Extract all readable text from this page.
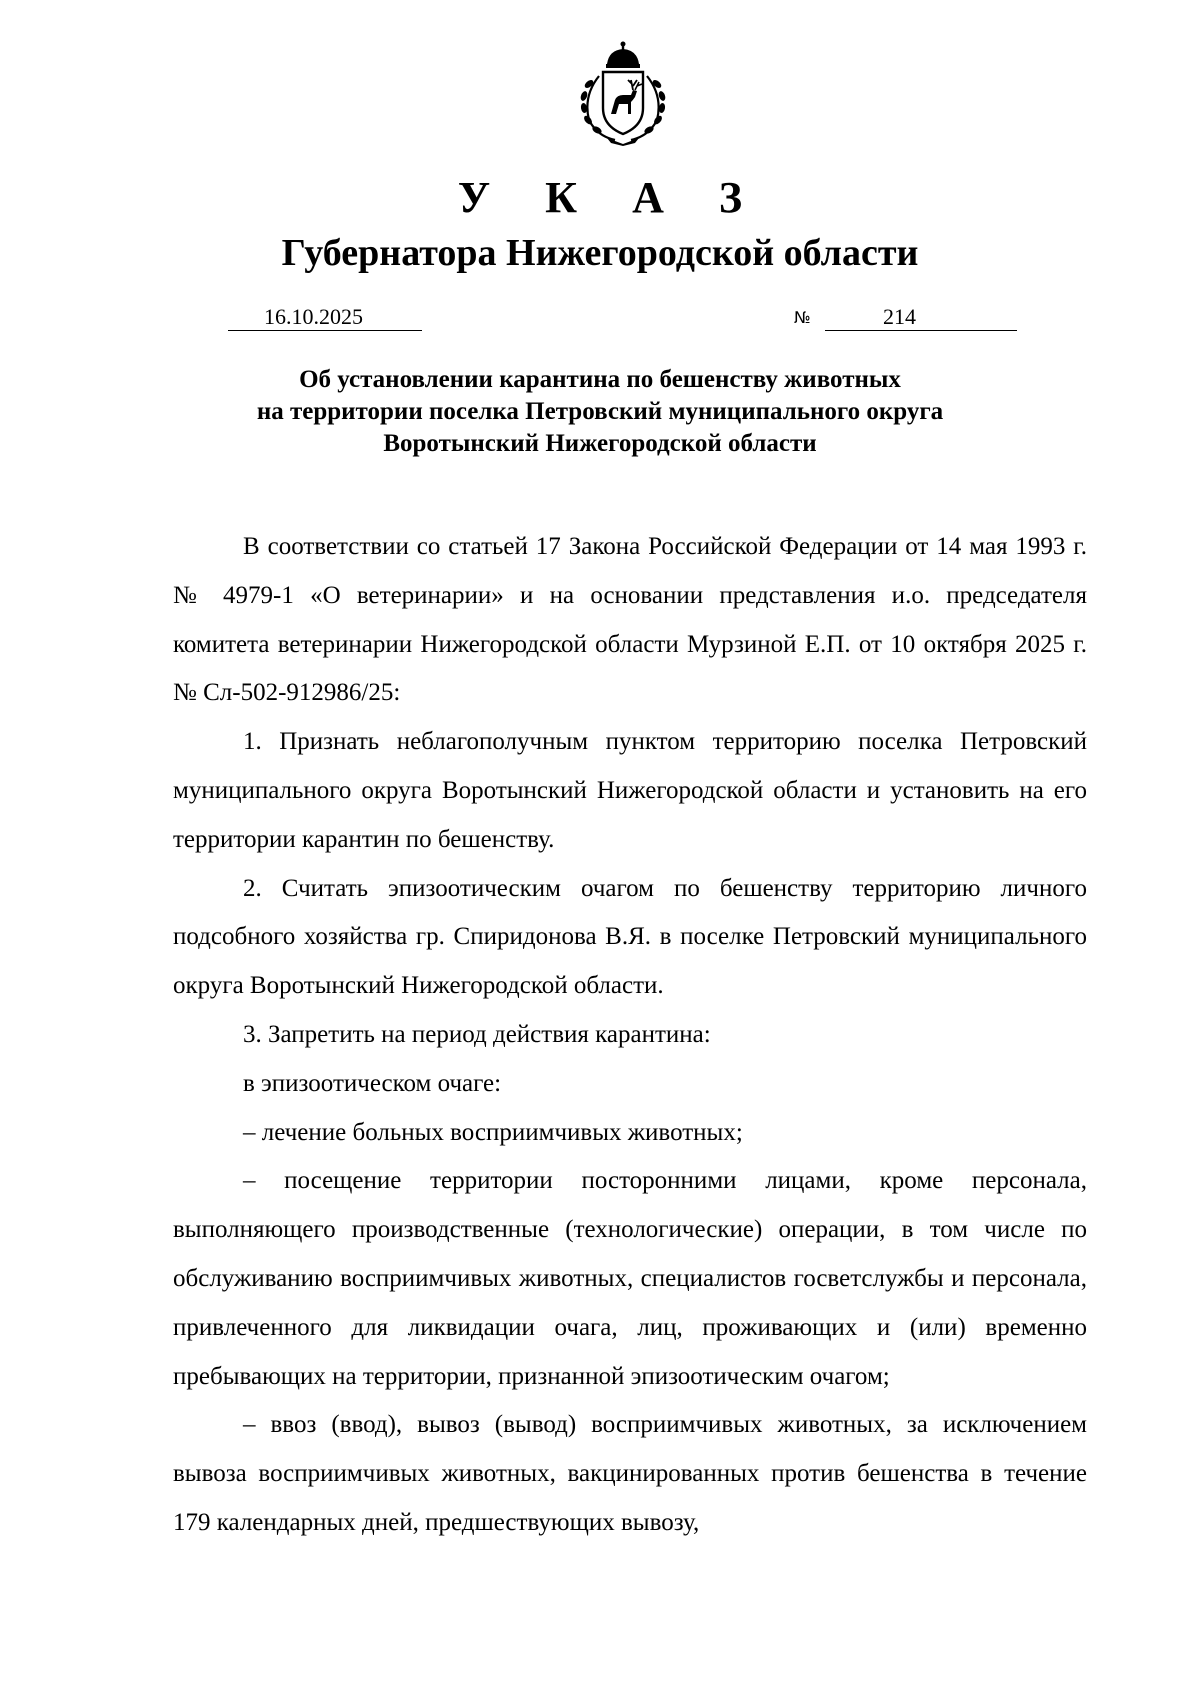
У К А З
Губернатора Нижегородской области
16.10.2025	№	214
Об установлении карантина по бешенству животных
на территории поселка Петровский муниципального округа
Воротынский Нижегородской области

В соответствии со статьей 17 Закона Российской Федерации от 14 мая 1993 г. № 4979-1 «О ветеринарии» и на основании представления и.о. председателя комитета ветеринарии Нижегородской области Мурзиной Е.П. от 10 октября 2025 г. № Сл-502-912986/25:

1. Признать неблагополучным пунктом территорию поселка Петровский муниципального округа Воротынский Нижегородской области и установить на его территории карантин по бешенству.

2. Считать эпизоотическим очагом по бешенству территорию личного подсобного хозяйства гр. Спиридонова В.Я. в поселке Петровский муниципального округа Воротынский Нижегородской области.

3. Запретить на период действия карантина:

в эпизоотическом очаге:

– лечение больных восприимчивых животных;

– посещение территории посторонними лицами, кроме персонала, выполняющего производственные (технологические) операции, в том числе по обслуживанию восприимчивых животных, специалистов госветслужбы и персонала, привлеченного для ликвидации очага, лиц, проживающих и (или) временно пребывающих на территории, признанной эпизоотическим очагом;

– ввоз (ввод), вывоз (вывод) восприимчивых животных, за исключением вывоза восприимчивых животных, вакцинированных против бешенства в течение 179 календарных дней, предшествующих вывозу,
